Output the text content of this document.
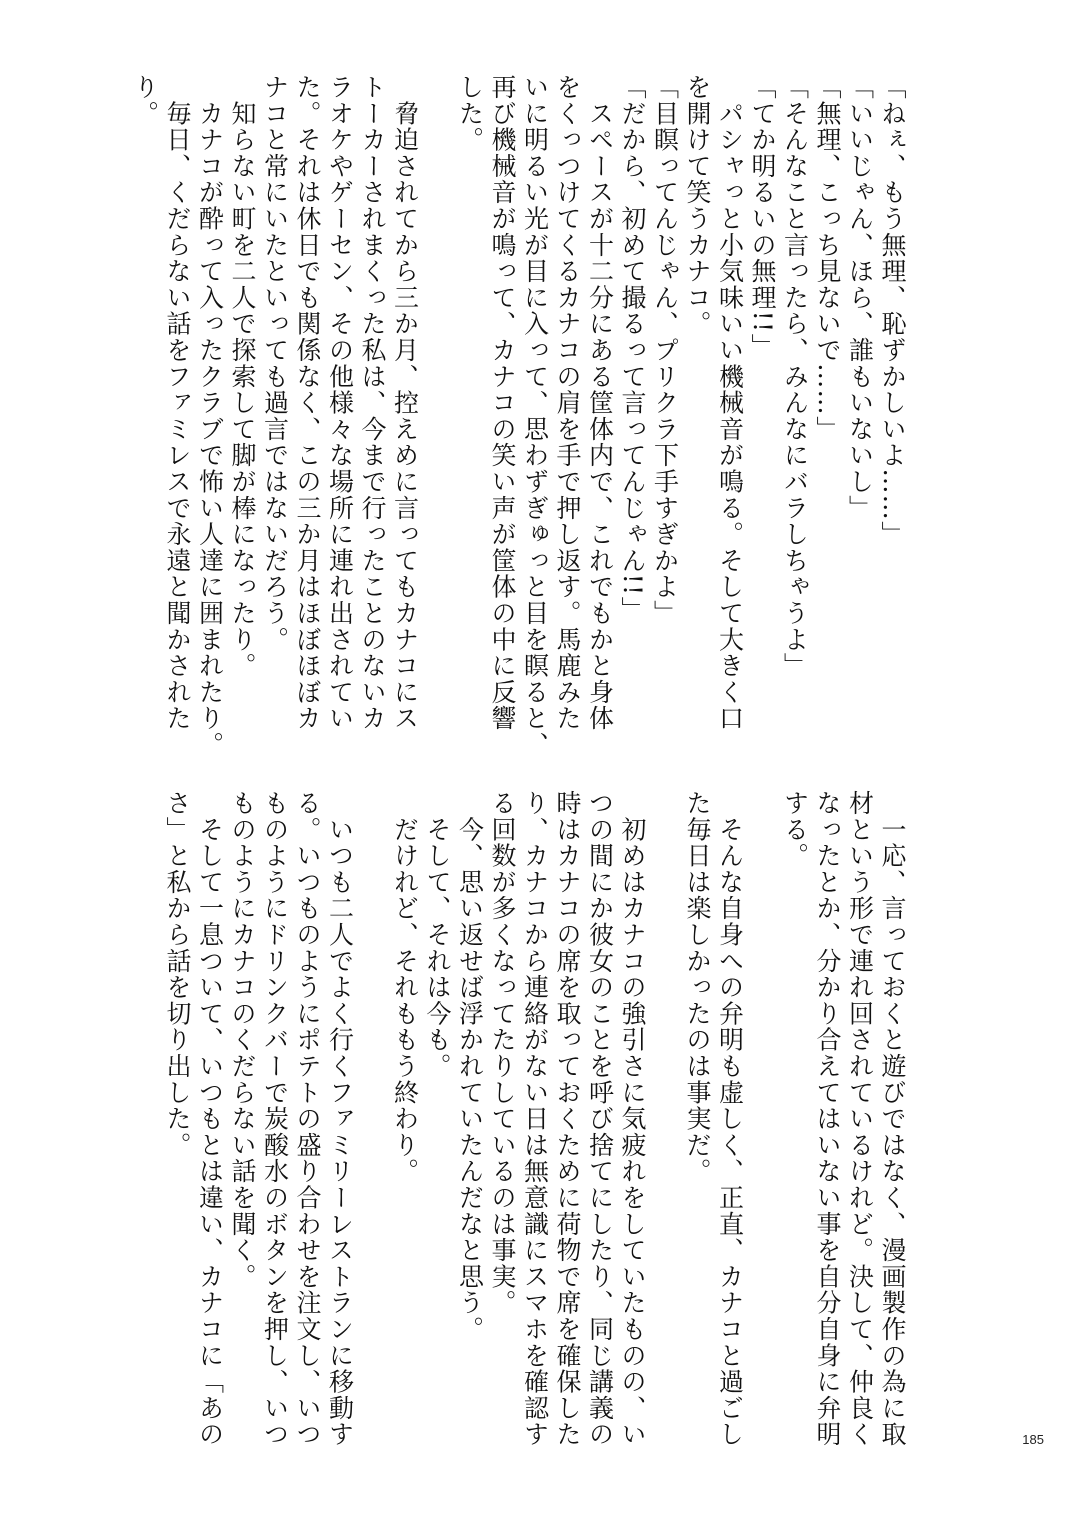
「ねぇ、もう無理、恥ずかしいよ……」
「いいじゃん、ほら、誰もいないし」
「無理、こっち見ないで……」
「そんなこと言ったら、みんなにバラしちゃうよ」
「てか明るいの無理!!」
　パシャっと小気味いい機械音が鳴る。そして大きく口
を開けて笑うカナコ。
「目瞑ってんじゃん、プリクラ下手すぎかよ」
「だから、初めて撮るって言ってんじゃん!!」
　スペースが十二分にある筐体内で、これでもかと身体
をくっつけてくるカナコの肩を手で押し返す。馬鹿みた
いに明るい光が目に入って、思わずぎゅっと目を瞑ると、
再び機械音が鳴って、カナコの笑い声が筐体の中に反響
した。
　脅迫されてから三か月、控えめに言ってもカナコにス
トーカーされまくった私は、今まで行ったことのないカ
ラオケやゲーセン、その他様々な場所に連れ出されてい
た。それは休日でも関係なく、この三か月はほぼほぼカ
ナコと常にいたといっても過言ではないだろう。
　知らない町を二人で探索して脚が棒になったり。
　カナコが酔って入ったクラブで怖い人達に囲まれたり。
　毎日、くだらない話をファミレスで永遠と聞かされた
り。
　一応、言っておくと遊びではなく、漫画製作の為に取
材という形で連れ回されているけれど。決して、仲良く
なったとか、分かり合えてはいない事を自分自身に弁明
する。
　そんな自身への弁明も虚しく、正直、カナコと過ごし
た毎日は楽しかったのは事実だ。
　初めはカナコの強引さに気疲れをしていたものの、い
つの間にか彼女のことを呼び捨てにしたり、同じ講義の
時はカナコの席を取っておくために荷物で席を確保した
り、カナコから連絡がない日は無意識にスマホを確認す
る回数が多くなってたりしているのは事実。
　今、思い返せば浮かれていたんだなと思う。
　そして、それは今も。
　だけれど、それももう終わり。
　いつも二人でよく行くファミリーレストランに移動す
る。いつものようにポテトの盛り合わせを注文し、いつ
ものようにドリンクバーで炭酸水のボタンを押し、いつ
ものようにカナコのくだらない話を聞く。
　そして一息ついて、いつもとは違い、カナコに「あの
さ」と私から話を切り出した。
185
